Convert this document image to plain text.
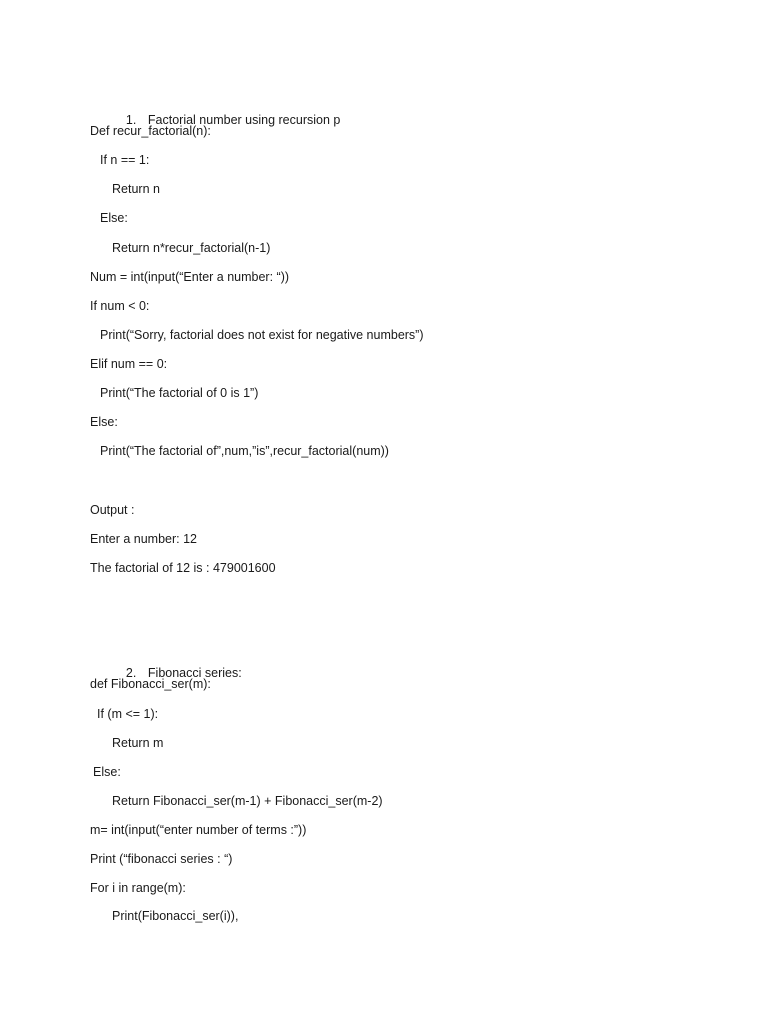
1. Factorial number using recursion p

Def recur_factorial(n):
If n == 1:
Return n
Else:
Return n*recur_factorial(n-1)
Num = int(input(“Enter a number: “))
If num < 0:
Print(“Sorry, factorial does not exist for negative numbers”)
Elif num == 0:
Print(“The factorial of 0 is 1”)
Else:
Print(“The factorial of”,num,”is”,recur_factorial(num))
Output :
Enter a number: 12
The factorial of 12 is : 479001600

2. Fibonacci series:

def Fibonacci_ser(m):
If (m <= 1):
Return m
Else:
Return Fibonacci_ser(m-1) + Fibonacci_ser(m-2)
m= int(input(“enter number of terms :”))
Print (“fibonacci series : “)
For i in range(m):
Print(Fibonacci_ser(i)),
